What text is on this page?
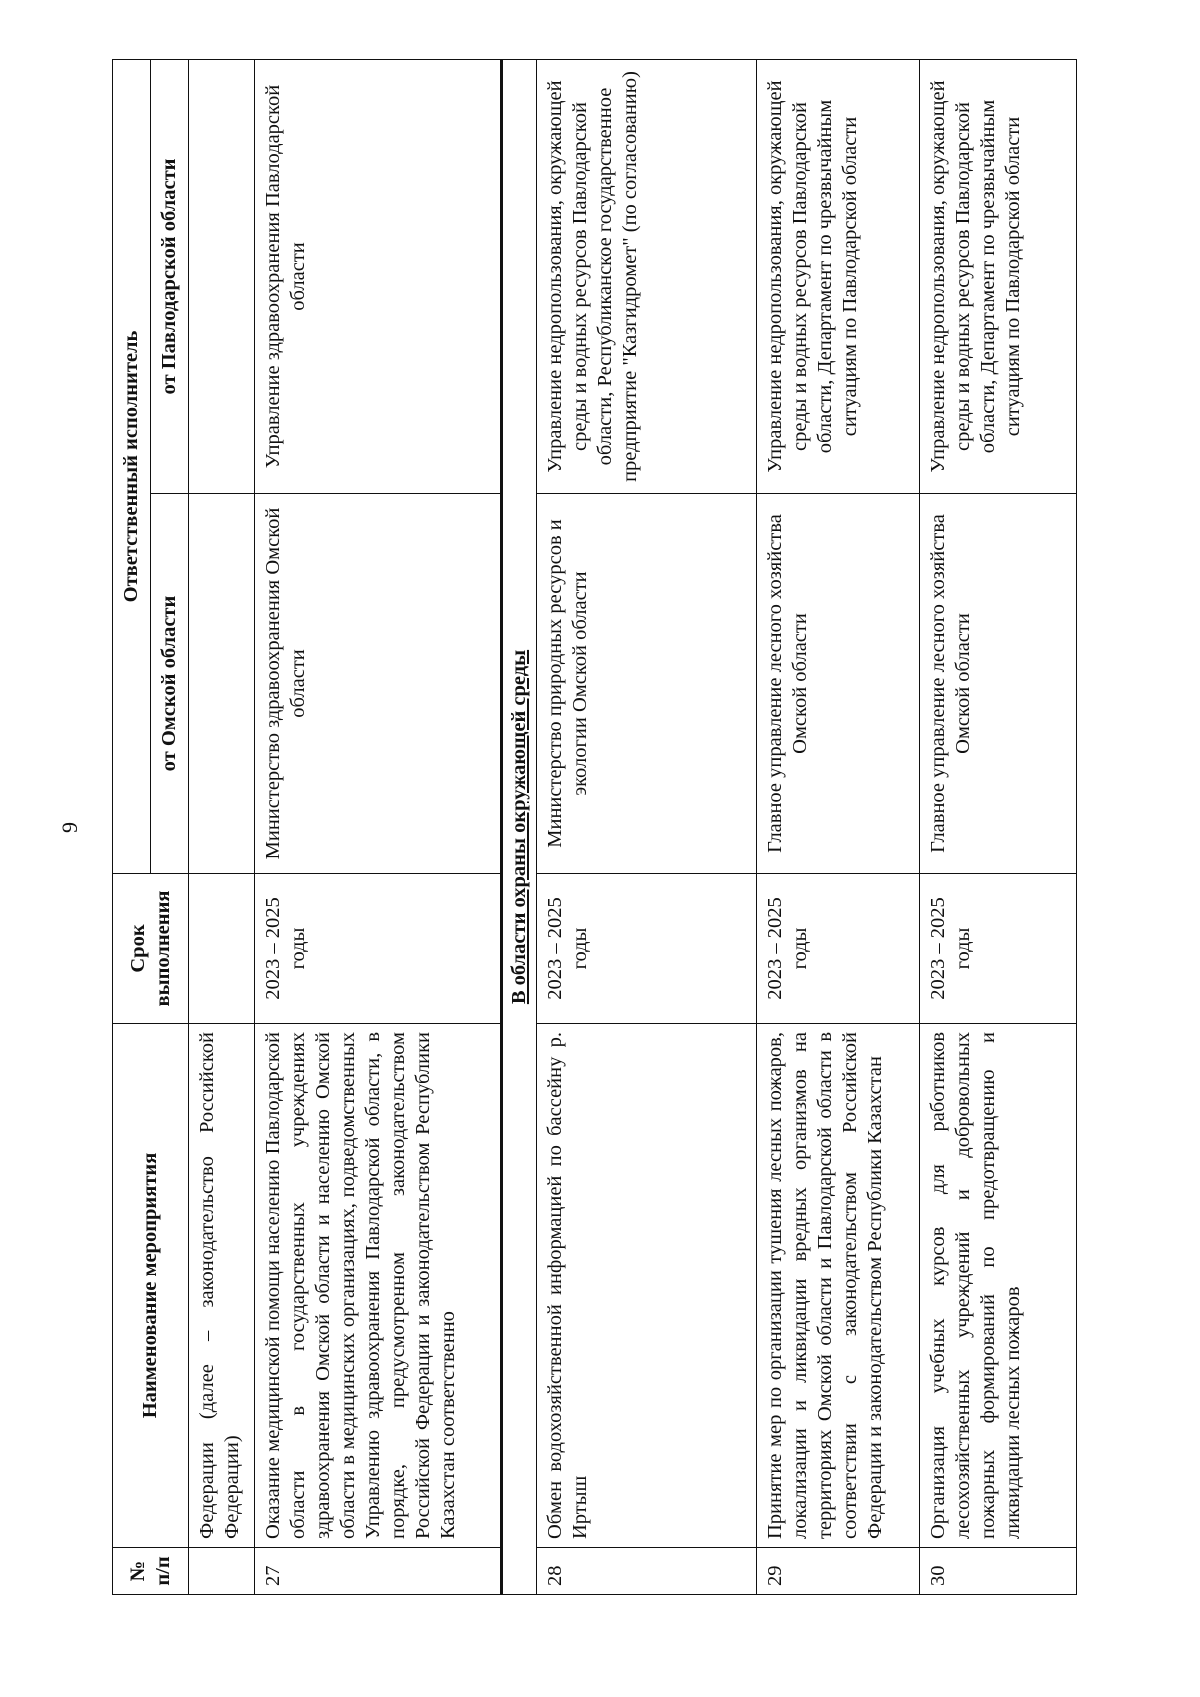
9
№ п/п	Наименование мероприятия	Срок выполнения	Ответственный исполнитель	
			от Омской области	от Павлодарской области
	Федерации (далее – законодательство Российской Федерации)			
27	Оказание медицинской помощи населению Павлодарской области в государственных учреждениях здравоохранения Омской области и населению Омской области в медицинских организациях, подведомственных Управлению здравоохранения Павлодарской области, в порядке, предусмотренном законодательством Российской Федерации и законодательством Республики Казахстан соответственно	2023 – 2025 годы	Министерство здравоохранения Омской области	Управление здравоохранения Павлодарской области
В области охраны окружающей среды				
28	Обмен водохозяйственной информацией по бассейну р. Иртыш	2023 – 2025 годы	Министерство природных ресурсов и экологии Омской области	Управление недропользования, окружающей среды и водных ресурсов Павлодарской области, Республиканское государственное предприятие "Казгидромет" (по согласованию)
29	Принятие мер по организации тушения лесных пожаров, локализации и ликвидации вредных организмов на территориях Омской области и Павлодарской области в соответствии с законодательством Российской Федерации и законодательством Республики Казахстан	2023 – 2025 годы	Главное управление лесного хозяйства Омской области	Управление недропользования, окружающей среды и водных ресурсов Павлодарской области, Департамент по чрезвычайным ситуациям по Павлодарской области
30	Организация учебных курсов для работников лесохозяйственных учреждений и добровольных пожарных формирований по предотвращению и ликвидации лесных пожаров	2023 – 2025 годы	Главное управление лесного хозяйства Омской области	Управление недропользования, окружающей среды и водных ресурсов Павлодарской области, Департамент по чрезвычайным ситуациям по Павлодарской области
